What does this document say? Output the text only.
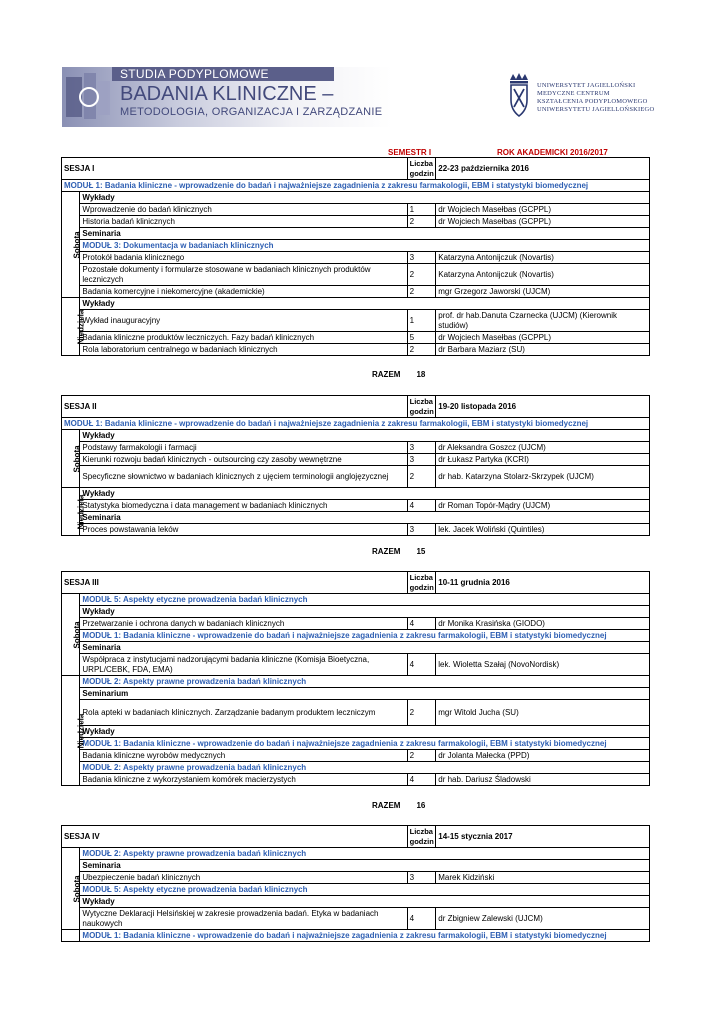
STUDIA PODYPLOMOWE
BADANIA KLINICZNE –
METODOLOGIA, ORGANIZACJA I ZARZĄDZANIE
UNIWERSYTET JAGIELLOŃSKI
MEDYCZNE CENTRUM
KSZTAŁCENIA PODYPLOMOWEGO
UNIWERSYTETU JAGIELLOŃSKIEGO
SEMESTR I	ROK AKADEMICKI 2016/2017
SESJA I		Liczba godzin	22-23 października 2016
MODUŁ 1: Badania kliniczne - wprowadzenie do badań i najważniejsze zagadnienia z zakresu farmakologii, EBM i statystyki biomedycznej			
Sobota	Wykłady		
	Wprowadzenie do badań klinicznych	1	dr Wojciech Masełbas (GCPPL)
	Historia badań klinicznych	2	dr Wojciech Masełbas (GCPPL)
	Seminaria		
	MODUŁ 3: Dokumentacja w badaniach klinicznych		
	Protokół badania klinicznego	3	Katarzyna Antonijczuk (Novartis)
	Pozostałe dokumenty i formularze stosowane w badaniach klinicznych produktów leczniczych	2	Katarzyna Antonijczuk (Novartis)
	Badania komercyjne i niekomercyjne (akademickie)	2	mgr Grzegorz Jaworski (UJCM)
Niedziela	Wykłady		
	Wykład inauguracyjny	1	prof. dr hab.Danuta Czarnecka (UJCM) (Kierownik studiów)
	Badania kliniczne produktów leczniczych. Fazy badań klinicznych	5	dr Wojciech Masełbas (GCPPL)
	Rola laboratorium centralnego w badaniach klinicznych	2	dr Barbara Maziarz (SU)
RAZEM 18
SESJA II		Liczba godzin	19-20 listopada 2016
MODUŁ 1: Badania kliniczne - wprowadzenie do badań i najważniejsze zagadnienia z zakresu farmakologii, EBM i statystyki biomedycznej			
Sobota	Wykłady		
	Podstawy farmakologii i farmacji	3	dr Aleksandra Goszcz (UJCM)
	Kierunki rozwoju badań klinicznych - outsourcing czy zasoby wewnętrzne	3	dr Łukasz Partyka (KCRI)
	Specyficzne słownictwo w badaniach klinicznych z ujęciem terminologii anglojęzycznej	2	dr hab. Katarzyna Stolarz-Skrzypek (UJCM)
Niedziela	Wykłady		
	Statystyka biomedyczna i data management w badaniach klinicznych	4	dr Roman Topór-Mądry (UJCM)
	Seminaria		
	Proces powstawania leków	3	lek. Jacek Woliński (Quintiles)
RAZEM 15
SESJA III		Liczba godzin	10-11 grudnia 2016
Sobota	MODUŁ 5: Aspekty etyczne prowadzenia badań klinicznych		
	Wykłady		
	Przetwarzanie i ochrona danych w badaniach klinicznych	4	dr Monika Krasińska (GIODO)
	MODUŁ 1: Badania kliniczne - wprowadzenie do badań i najważniejsze zagadnienia z zakresu farmakologii, EBM i statystyki biomedycznej		
	Seminaria		
	Współpraca z instytucjami nadzorującymi badania kliniczne (Komisja Bioetyczna, URPL/CEBK, FDA, EMA)	4	lek. Wioletta Szałaj (NovoNordisk)
Niedziela	MODUŁ 2: Aspekty prawne prowadzenia badań klinicznych		
	Seminarium		
	Rola apteki w badaniach klinicznych. Zarządzanie badanym produktem leczniczym	2	mgr Witold Jucha (SU)
	Wykłady		
	MODUŁ 1: Badania kliniczne - wprowadzenie do badań i najważniejsze zagadnienia z zakresu farmakologii, EBM i statystyki biomedycznej		
	Badania kliniczne wyrobów medycznych	2	dr Jolanta Małecka (PPD)
	MODUŁ 2: Aspekty prawne prowadzenia badań klinicznych		
	Badania kliniczne z wykorzystaniem komórek macierzystych	4	dr hab. Dariusz Śladowski
RAZEM 16
SESJA IV		Liczba godzin	14-15 stycznia 2017
Sobota	MODUŁ 2: Aspekty prawne prowadzenia badań klinicznych		
	Seminaria		
	Ubezpieczenie badań klinicznych	3	Marek Kidziński
	MODUŁ 5: Aspekty etyczne prowadzenia badań klinicznych		
	Wykłady		
	Wytyczne Deklaracji Helsińskiej w zakresie prowadzenia badań. Etyka w badaniach naukowych	4	dr Zbigniew Zalewski (UJCM)
	MODUŁ 1: Badania kliniczne - wprowadzenie do badań i najważniejsze zagadnienia z zakresu farmakologii, EBM i statystyki biomedycznej		
